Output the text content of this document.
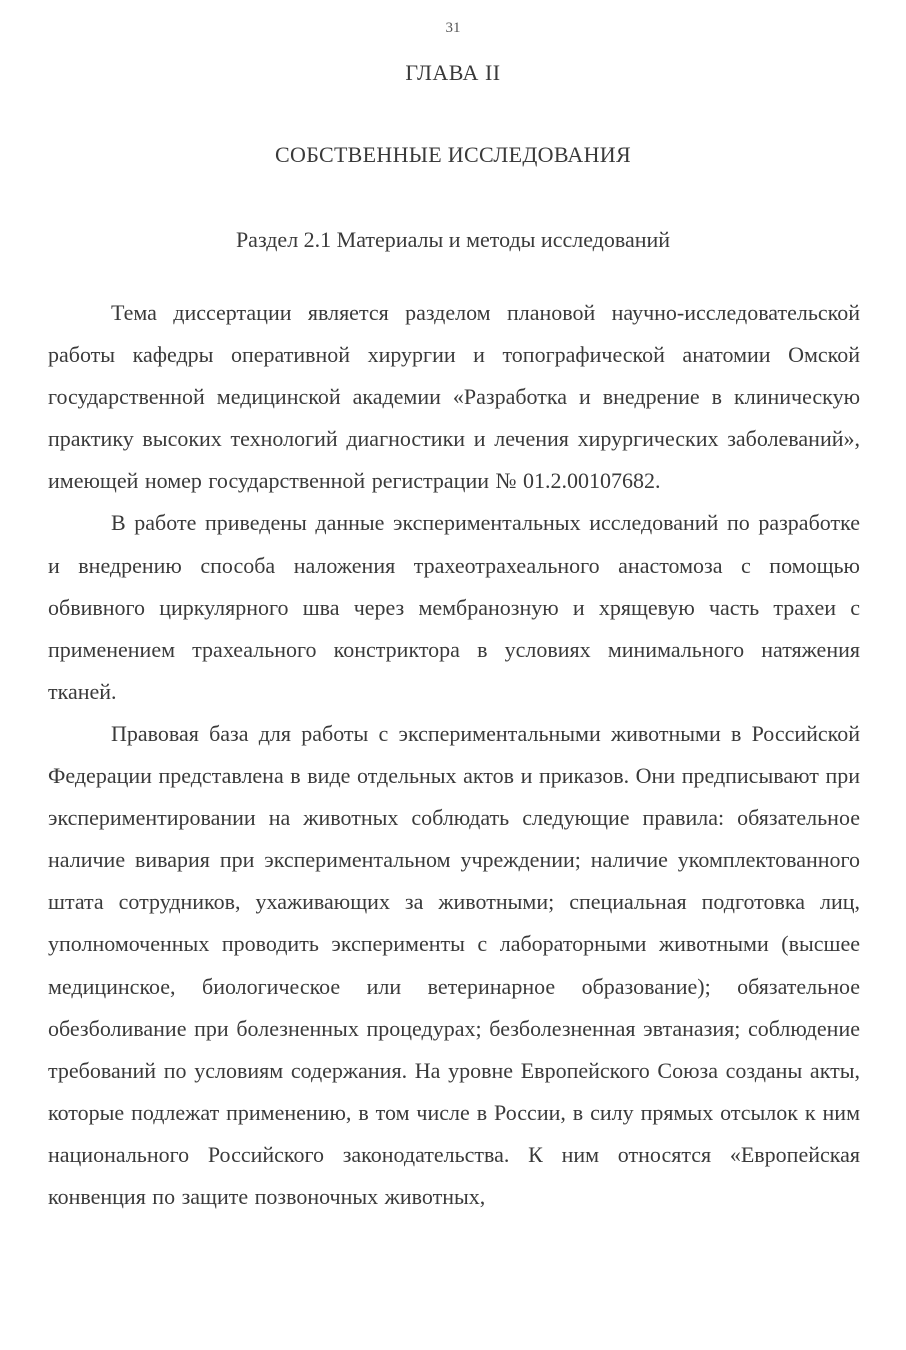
31
ГЛАВА II
СОБСТВЕННЫЕ ИССЛЕДОВАНИЯ
Раздел 2.1 Материалы и методы исследований

Тема диссертации является разделом плановой научно-исследовательской работы кафедры оперативной хирургии и топографической анатомии Омской государственной медицинской академии «Разработка и внедрение в клиническую практику высоких технологий диагностики и лечения хирургических заболеваний», имеющей номер государственной регистрации № 01.2.00107682.

В работе приведены данные экспериментальных исследований по разработке и внедрению способа наложения трахеотрахеального анастомоза с помощью обвивного циркулярного шва через мембранозную и хрящевую часть трахеи с применением трахеального констриктора в условиях минимального натяжения тканей.

Правовая база для работы с экспериментальными животными в Российской Федерации представлена в виде отдельных актов и приказов. Они предписывают при экспериментировании на животных соблюдать следующие правила: обязательное наличие вивария при экспериментальном учреждении; наличие укомплектованного штата сотрудников, ухаживающих за животными; специальная подготовка лиц, уполномоченных проводить эксперименты с лабораторными животными (высшее медицинское, биологическое или ветеринарное образование); обязательное обезболивание при болезненных процедурах; безболезненная эвтаназия; соблюдение требований по условиям содержания. На уровне Европейского Союза созданы акты, которые подлежат применению, в том числе в России, в силу прямых отсылок к ним национального Российского законодательства. К ним относятся «Европейская конвенция по защите позвоночных животных,
